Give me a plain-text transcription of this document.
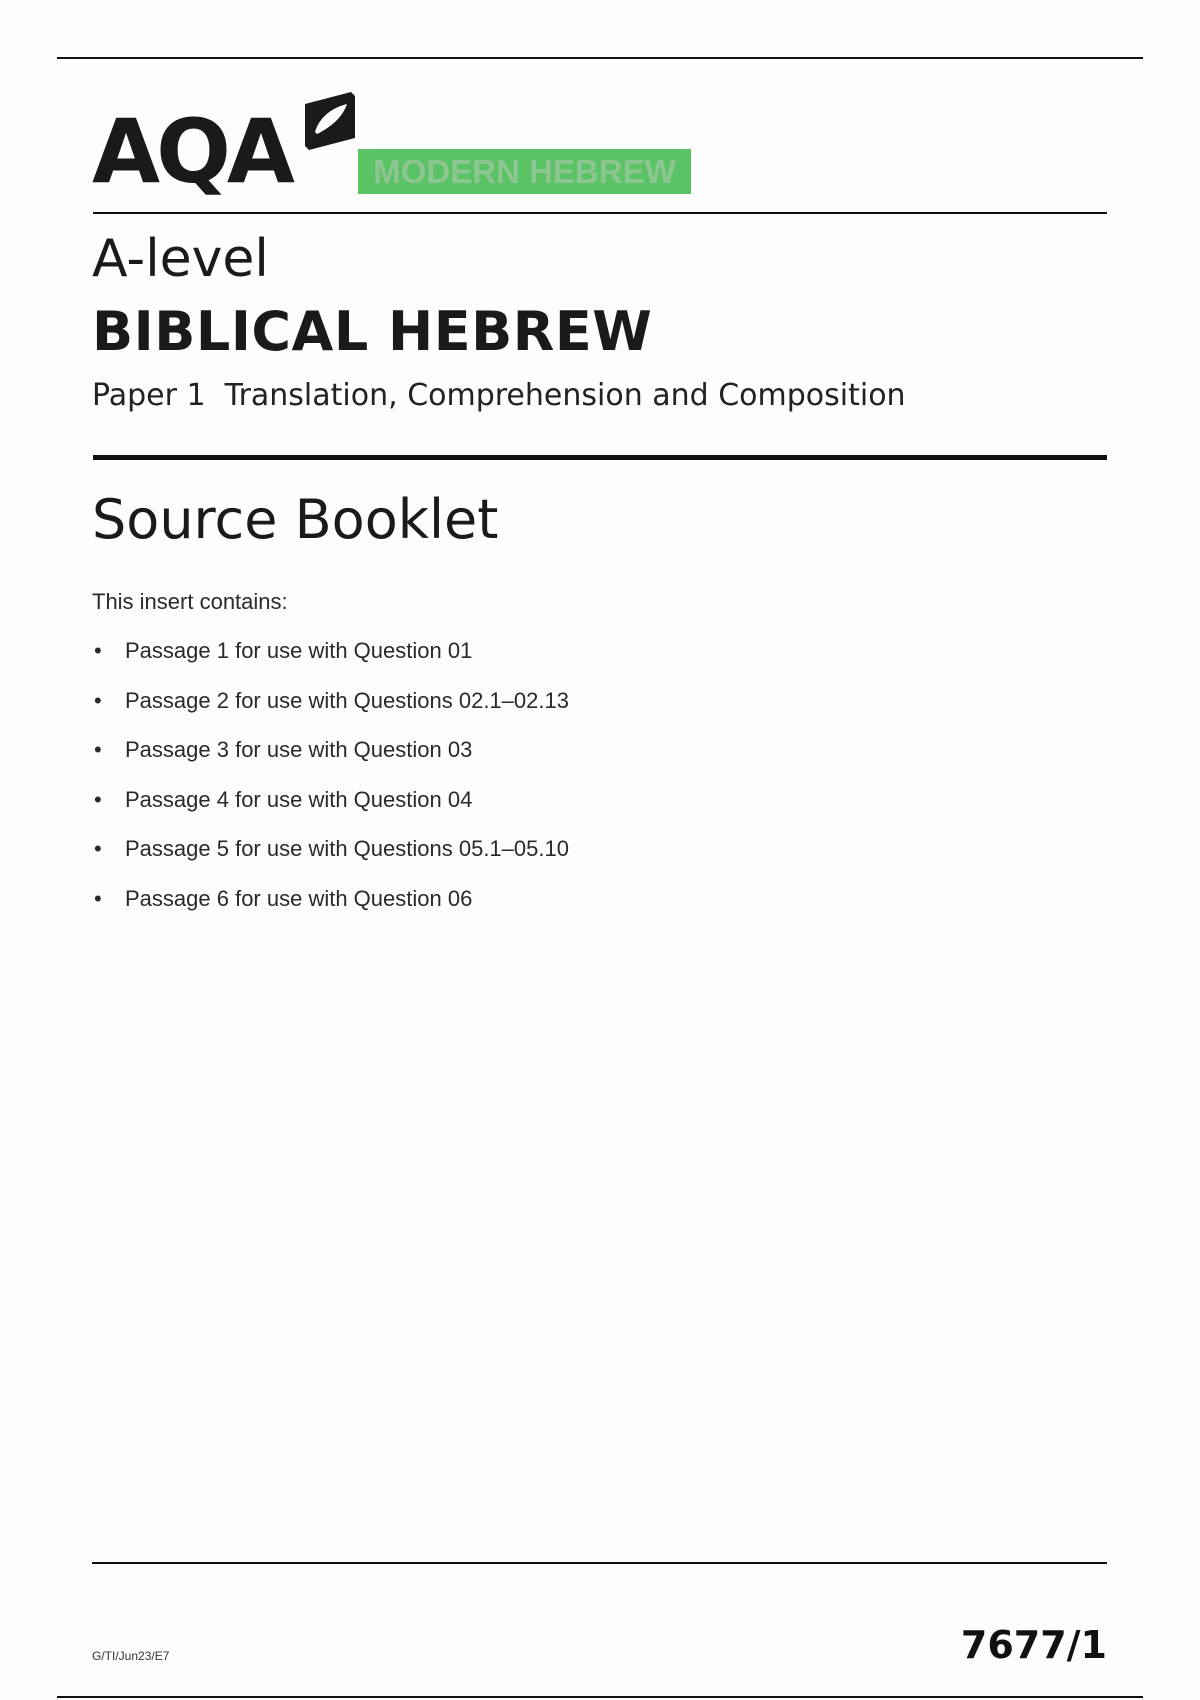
AQA	MODERN HEBREW
A-level
BIBLICAL HEBREW
Paper 1  Translation, Comprehension and Composition
Source Booklet
This insert contains:
• Passage 1 for use with Question 01
• Passage 2 for use with Questions 02.1–02.13
• Passage 3 for use with Question 03
• Passage 4 for use with Question 04
• Passage 5 for use with Questions 05.1–05.10
• Passage 6 for use with Question 06
G/TI/Jun23/E7	7677/1
